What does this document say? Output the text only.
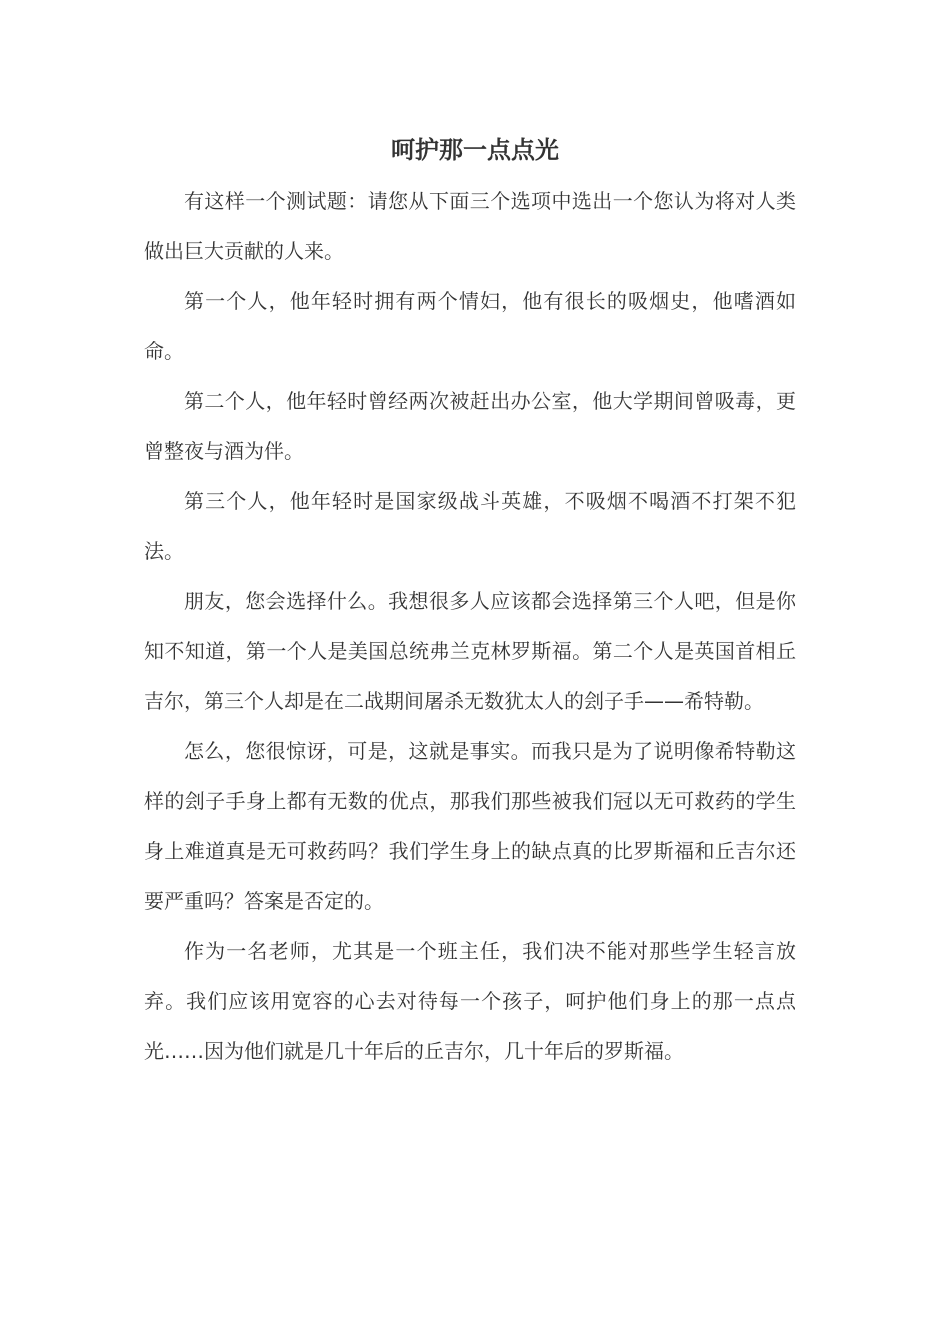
呵护那一点点光

有这样一个测试题：请您从下面三个选项中选出一个您认为将对人类做出巨大贡献的人来。

第一个人，他年轻时拥有两个情妇，他有很长的吸烟史，他嗜酒如命。

第二个人，他年轻时曾经两次被赶出办公室，他大学期间曾吸毒，更曾整夜与酒为伴。

第三个人，他年轻时是国家级战斗英雄，不吸烟不喝酒不打架不犯法。

朋友，您会选择什么。我想很多人应该都会选择第三个人吧，但是你知不知道，第一个人是美国总统弗兰克林罗斯福。第二个人是英国首相丘吉尔，第三个人却是在二战期间屠杀无数犹太人的刽子手——希特勒。

怎么，您很惊讶，可是，这就是事实。而我只是为了说明像希特勒这样的刽子手身上都有无数的优点，那我们那些被我们冠以无可救药的学生身上难道真是无可救药吗？我们学生身上的缺点真的比罗斯福和丘吉尔还要严重吗？答案是否定的。

作为一名老师，尤其是一个班主任，我们决不能对那些学生轻言放弃。我们应该用宽容的心去对待每一个孩子，呵护他们身上的那一点点光……因为他们就是几十年后的丘吉尔，几十年后的罗斯福。
